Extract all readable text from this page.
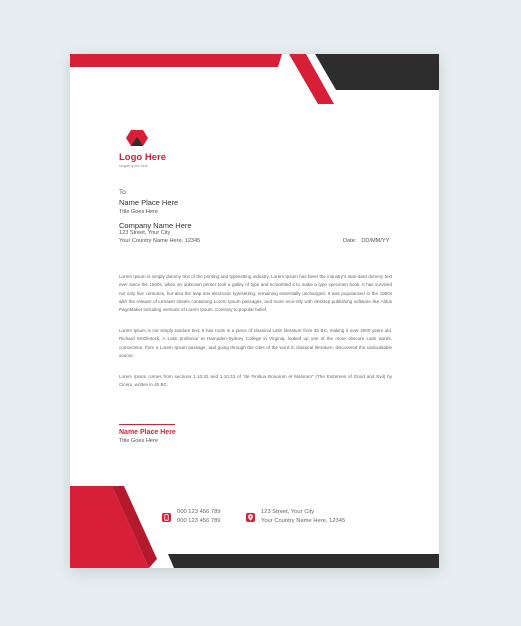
Logo Here
slogan goes here
To
Name Place Here
Title Goes Here
Company Name Here
123 Street, Your City
Your Country Name Here, 12345	Date: DD/MM/YY
Lorem Ipsum is simply dummy text of the printing and typesetting industry. Lorem Ipsum has been the industry's stan-dard dummy text ever since the 1500s, when an unknown printer took a galley of type and scrambled it to make a type specimen book. It has survived not only five centuries, but also the leap into electronic typesetting, remaining essentially unchanged. It was popularised in the 1960s with the release of Letraset sheets containing Lorem Ipsum passages, and more rece-ntly with desktop publishing software like Aldus PageMaker including versions of Lorem Ipsum. Contrary to popular belief,
Lorem Ipsum is not simply random text. It has roots in a piece of classical Latin literature from 45 BC, making it over 2000 years old. Richard McClintock, A Latin professor at Hampden-Sydney College in Virginia, looked up one of the more obscure Latin words, consectetur, from a Lorem Ipsum passage, and going through the cites of the word in classical literature, discovered the undoubtable source.
Lorem Ipsum comes from sections 1.10.32 and 1.10.33 of "de Finibus Bonorum et Malorum" (The Extremes of Good and Evil) by Cicero, written in 45 BC.
Name Place Here
Title Goes Here
000 123 456 789
000 123 456 789
123 Street, Your City
Your Country Name Here, 12345
